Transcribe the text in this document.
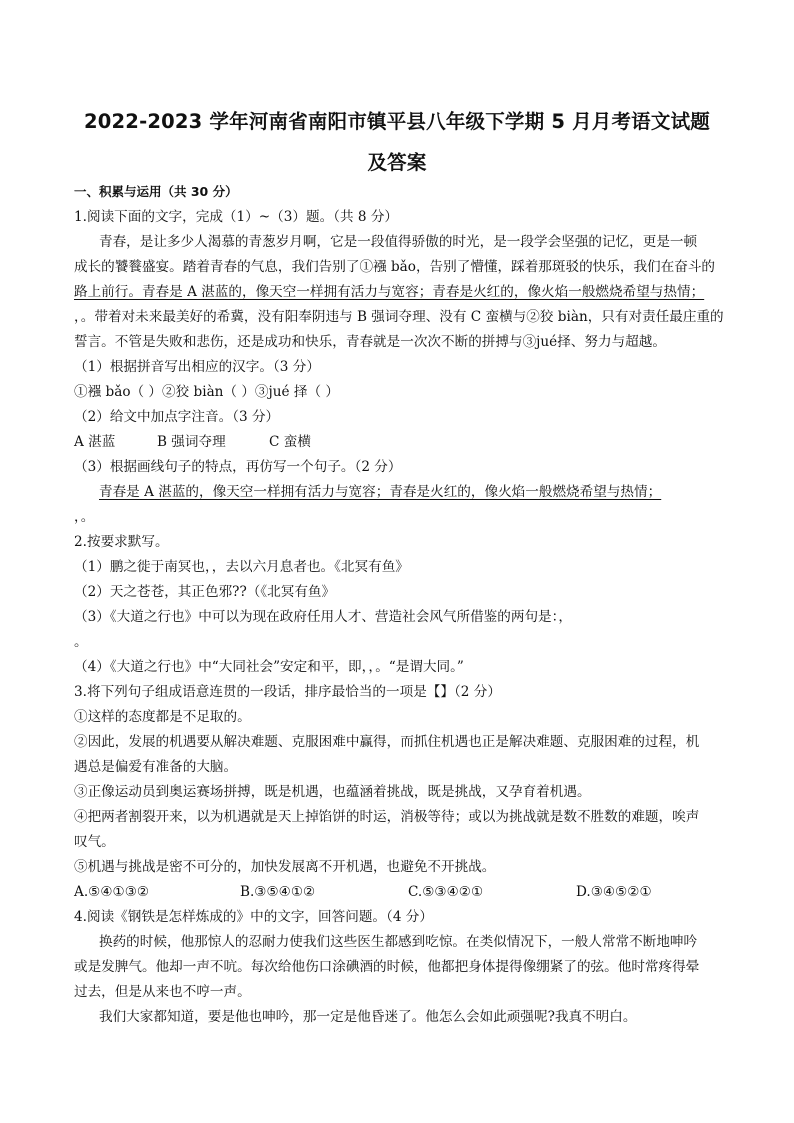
2022-2023 学年河南省南阳市镇平县八年级下学期 5 月月考语文试题
及答案
一、积累与运用（共 30 分）
1.阅读下面的文字，完成（1）~（3）题。（共 8 分）
青春，是让多少人渴慕的青葱岁月啊，它是一段值得骄傲的时光，是一段学会坚强的记忆，更是一顿
成长的饕餮盛宴。踏着青春的气息，我们告别了①襁 bǎo，告别了懵懂，踩着那斑驳的快乐，我们在奋斗的
路上前行。青春是 A 湛蓝的，像天空一样拥有活力与宽容；青春是火红的，像火焰一般燃烧希望与热情；
，。带着对未来最美好的希冀，没有阳奉阴违与 B 强词夺理、没有 C 蛮横与②狡 biàn，只有对责任最庄重的
誓言。不管是失败和悲伤，还是成功和快乐，青春就是一次次不断的拼搏与③jué择、努力与超越。
（1）根据拼音写出相应的汉字。（3 分）
①襁 bǎo（ ）②狡 biàn（ ）③jué 择（ ）
（2）给文中加点字注音。（3 分）
A 湛蓝	B 强词夺理	C 蛮横
（3）根据画线句子的特点，再仿写一个句子。（2 分）
青春是 A 湛蓝的，像天空一样拥有活力与宽容；青春是火红的，像火焰一般燃烧希望与热情；
，。
2.按要求默写。
（1）鹏之徙于南冥也，，去以六月息者也。《北冥有鱼》
（2）天之苍苍，其正色邪??（《北冥有鱼》
（3）《大道之行也》中可以为现在政府任用人才、营造社会风气所借鉴的两句是：，
。
（4）《大道之行也》中“大同社会”安定和平，即，，。“是谓大同。”
3.将下列句子组成语意连贯的一段话，排序最恰当的一项是【】（2 分）
①这样的态度都是不足取的。
②因此，发展的机遇要从解决难题、克服困难中赢得，而抓住机遇也正是解决难题、克服困难的过程，机
遇总是偏爱有准备的大脑。
③正像运动员到奥运赛场拼搏，既是机遇，也蕴涵着挑战，既是挑战，又孕育着机遇。
④把两者割裂开来，以为机遇就是天上掉馅饼的时运，消极等待；或以为挑战就是数不胜数的难题，唉声
叹气。
⑤机遇与挑战是密不可分的，加快发展离不开机遇，也避免不开挑战。
A.⑤④①③②	B.③⑤④①②	C.⑤③④②①	D.③④⑤②①
4.阅读《钢铁是怎样炼成的》中的文字，回答问题。（4 分）
换药的时候，他那惊人的忍耐力使我们这些医生都感到吃惊。在类似情况下，一般人常常不断地呻吟
或是发脾气。他却一声不吭。每次给他伤口涂碘酒的时候，他都把身体提得像绷紧了的弦。他时常疼得晕
过去，但是从来也不哼一声。
我们大家都知道，要是他也呻吟，那一定是他昏迷了。他怎么会如此顽强呢?我真不明白。
